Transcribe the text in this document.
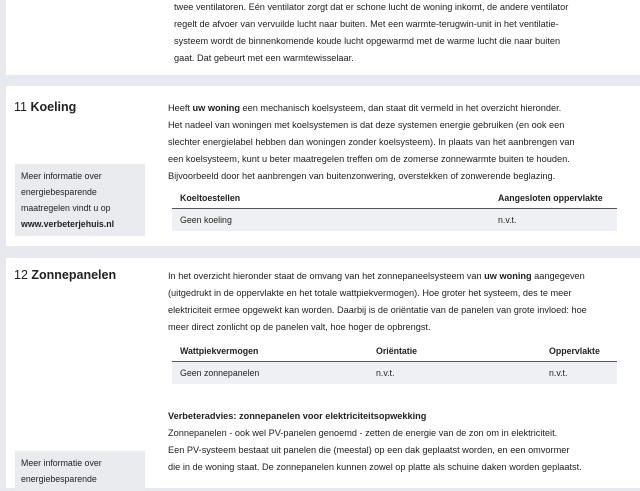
twee ventilatoren. Eén ventilator zorgt dat er schone lucht de woning inkomt, de andere ventilator

regelt de afvoer van vervuilde lucht naar buiten. Met een warmte-terugwin-unit in het ventilatie-

systeem wordt de binnenkomende koude lucht opgewarmd met de warme lucht die naar buiten

gaat. Dat gebeurt met een warmtewisselaar.

11 Koeling	Heeft uw woning een mechanisch koelsysteem, dan staat dit vermeld in het overzicht hieronder.

Het nadeel van woningen met koelsystemen is dat deze systemen energie gebruiken (en ook een

slechter energielabel hebben dan woningen zonder koelsysteem). In plaats van het aanbrengen van

een koelsysteem, kunt u beter maatregelen treffen om de zomerse zonnewarmte buiten te houden.

Bijvoorbeeld door het aanbrengen van buitenzonwering, overstekken of zonwerende beglazing.

Meer informatie over
energiebesparende
maatregelen vindt u op
www.verbeterjehuis.nl
Koeltoestellen	Aangesloten oppervlakte
Geen koeling	n.v.t.
12 Zonnepanelen	In het overzicht hieronder staat de omvang van het zonnepaneelsysteem van uw woning aangegeven

(uitgedrukt in de oppervlakte en het totale wattpiekvermogen). Hoe groter het systeem, des te meer

elektriciteit ermee opgewekt kan worden. Daarbij is de oriëntatie van de panelen van grote invloed: hoe

meer direct zonlicht op de panelen valt, hoe hoger de opbrengst.

Wattpiekvermogen	Oriëntatie	Oppervlakte
Geen zonnepanelen	n.v.t.	n.v.t.

Verbeteradvies: zonnepanelen voor elektriciteitsopwekking

Zonnepanelen - ook wel PV-panelen genoemd - zetten de energie van de zon om in elektriciteit.

Een PV-systeem bestaat uit panelen die (meestal) op een dak geplaatst worden, en een omvormer

die in de woning staat. De zonnepanelen kunnen zowel op platte als schuine daken worden geplaatst.

Meer informatie over
energiebesparende
